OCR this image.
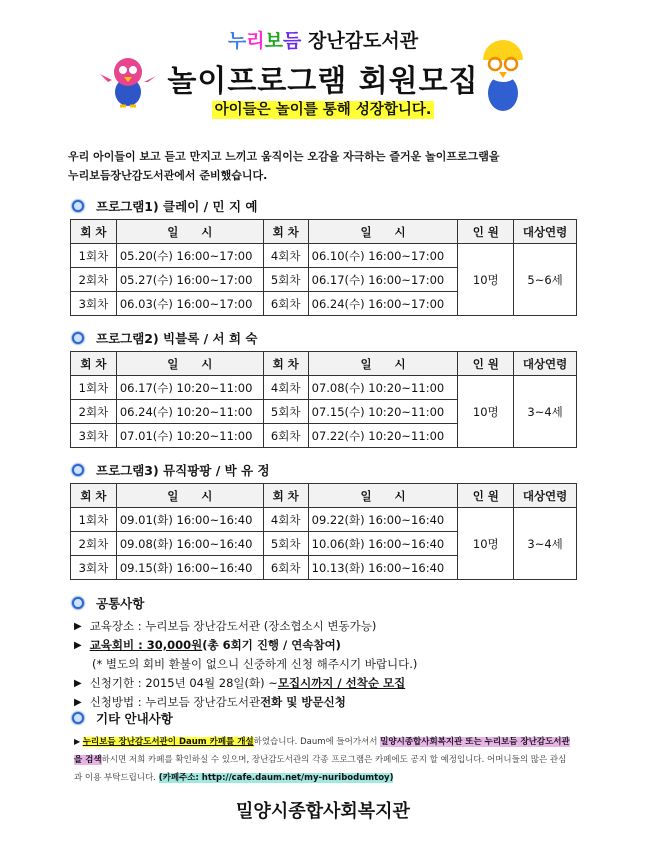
누리보듬 장난감도서관
놀이프로그램 회원모집
아이들은 놀이를 통해 성장합니다.
우리 아이들이 보고 듣고 만지고 느끼고 움직이는 오감을 자극하는 즐거운 놀이프로그램을
누리보듬장난감도서관에서 준비했습니다.
프로그램1) 클레이 / 민 지 예
회 차	일　　시	회 차	일　　시	인 원	대상연령
1회차	05.20(수) 16:00~17:00	4회차	06.10(수) 16:00~17:00	10명	5~6세
2회차	05.27(수) 16:00~17:00	5회차	06.17(수) 16:00~17:00		
3회차	06.03(수) 16:00~17:00	6회차	06.24(수) 16:00~17:00		
프로그램2) 빅블록 / 서 희 숙
회 차	일　　시	회 차	일　　시	인 원	대상연령
1회차	06.17(수) 10:20~11:00	4회차	07.08(수) 10:20~11:00	10명	3~4세
2회차	06.24(수) 10:20~11:00	5회차	07.15(수) 10:20~11:00		
3회차	07.01(수) 10:20~11:00	6회차	07.22(수) 10:20~11:00		
프로그램3) 뮤직팡팡 / 박 유 정
회 차	일　　시	회 차	일　　시	인 원	대상연령
1회차	09.01(화) 16:00~16:40	4회차	09.22(화) 16:00~16:40	10명	3~4세
2회차	09.08(화) 16:00~16:40	5회차	10.06(화) 16:00~16:40		
3회차	09.15(화) 16:00~16:40	6회차	10.13(화) 16:00~16:40		
공통사항
▶ 교육장소 : 누리보듬 장난감도서관 (장소협소시 변동가능)
▶ 교육회비 : 30,000원 (총 6회기 진행 / 연속참여)
(* 별도의 회비 환불이 없으니 신중하게 신청 해주시기 바랍니다.)
▶ 신청기한 : 2015년 04월 28일(화) ~ 모집시까지 / 선착순 모집
▶ 신청방법 : 누리보듬 장난감도서관 전화 및 방문신청
기타 안내사항
▶ 누리보듬 장난감도서관이 Daum 카페를 개설하였습니다. Daum에 들어가셔서 밀양시종합사회복지관 또는 누리보듬 장난감도서관을 검색하시면 저희 카페를 확인하실 수 있으며, 장난감도서관의 각종 프로그램은 카페에도 공지 할 예정입니다. 어머니들의 많은 관심과 이용 부탁드립니다. (카페주소: http://cafe.daum.net/my-nuribodumtoy)
밀양시종합사회복지관
